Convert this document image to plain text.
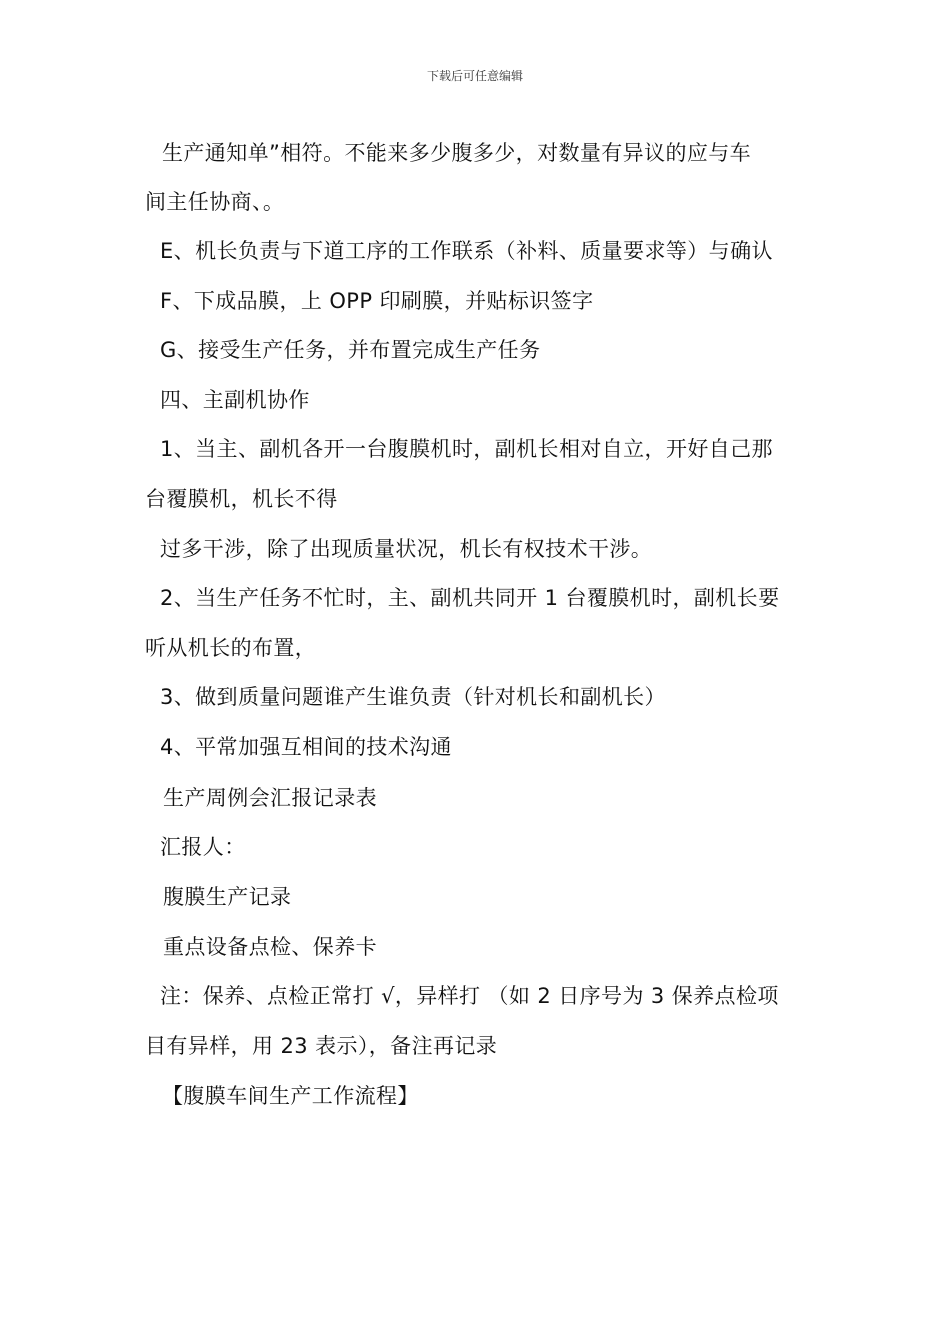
下载后可任意编辑
生产通知单”相符。不能来多少腹多少，对数量有异议的应与车
间主任协商、。
E、机长负责与下道工序的工作联系（补料、质量要求等）与确认
F、下成品膜，上 OPP 印刷膜，并贴标识签字
G、接受生产任务，并布置完成生产任务
四、主副机协作
1、当主、副机各开一台腹膜机时，副机长相对自立，开好自己那
台覆膜机，机长不得
过多干涉，除了出现质量状况，机长有权技术干涉。
2、当生产任务不忙时，主、副机共同开 1 台覆膜机时，副机长要
听从机长的布置，
3、做到质量问题谁产生谁负责（针对机长和副机长）
4、平常加强互相间的技术沟通
生产周例会汇报记录表
汇报人：
腹膜生产记录
重点设备点检、保养卡
注：保养、点检正常打 √，异样打 （如 2 日序号为 3 保养点检项
目有异样，用 23 表示），备注再记录
【腹膜车间生产工作流程】
